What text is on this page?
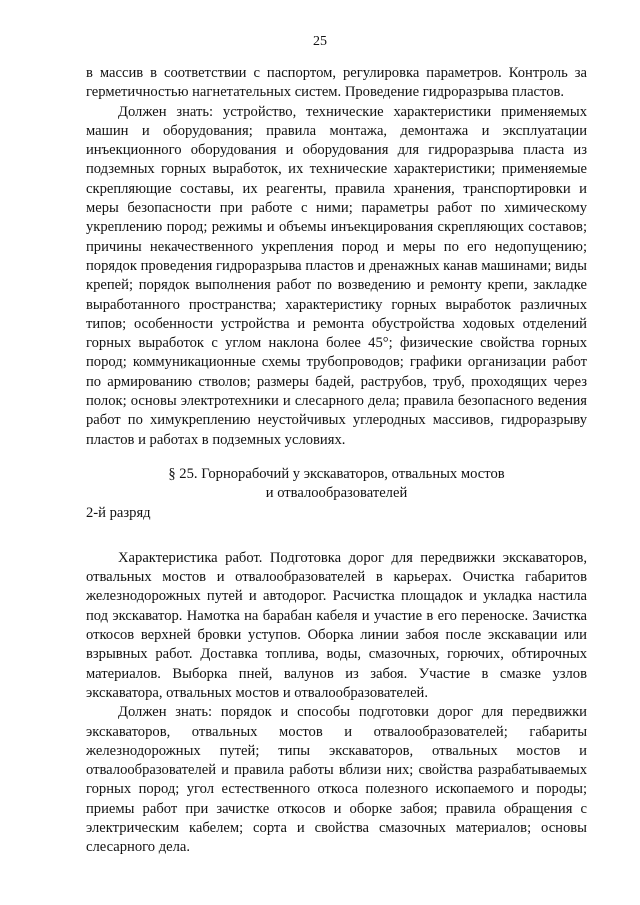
25

в массив в соответствии с паспортом, регулировка параметров. Контроль за герметичностью нагнетательных систем. Проведение гидроразрыва пластов.

Должен знать: устройство, технические характеристики применяемых машин и оборудования; правила монтажа, демонтажа и эксплуатации инъекционного оборудования и оборудования для гидроразрыва пласта из подземных горных выработок, их технические характеристики; применяемые скрепляющие составы, их реагенты, правила хранения, транспортировки и меры безопасности при работе с ними; параметры работ по химическому укреплению пород; режимы и объемы инъекцирования скрепляющих составов; причины некачественного укрепления пород и меры по его недопущению; порядок проведения гидроразрыва пластов и дренажных канав машинами; виды крепей; порядок выполнения работ по возведению и ремонту крепи, закладке выработанного пространства; характеристику горных выработок различных типов; особенности устройства и ремонта обустройства ходовых отделений горных выработок с углом наклона более 45°; физические свойства горных пород; коммуникационные схемы трубопроводов; графики организации работ по армированию стволов; размеры бадей, раструбов, труб, проходящих через полок; основы электротехники и слесарного дела; правила безопасного ведения работ по химукреплению неустойчивых углеродных массивов, гидроразрыву пластов и работах в подземных условиях.

§ 25. Горнорабочий у экскаваторов, отвальных мостов
и отвалообразователей

2-й разряд

Характеристика работ. Подготовка дорог для передвижки экскаваторов, отвальных мостов и отвалообразователей в карьерах. Очистка габаритов железнодорожных путей и автодорог. Расчистка площадок и укладка настила под экскаватор. Намотка на барабан кабеля и участие в его переноске. Зачистка откосов верхней бровки уступов. Оборка линии забоя после экскавации или взрывных работ. Доставка топлива, воды, смазочных, горючих, обтирочных материалов. Выборка пней, валунов из забоя. Участие в смазке узлов экскаватора, отвальных мостов и отвалообразователей.

Должен знать: порядок и способы подготовки дорог для передвижки экскаваторов, отвальных мостов и отвалообразователей; габариты железнодорожных путей; типы экскаваторов, отвальных мостов и отвалообразователей и правила работы вблизи них; свойства разрабатываемых горных пород; угол естественного откоса полезного ископаемого и породы; приемы работ при зачистке откосов и оборке забоя; правила обращения с электрическим кабелем; сорта и свойства смазочных материалов; основы слесарного дела.
